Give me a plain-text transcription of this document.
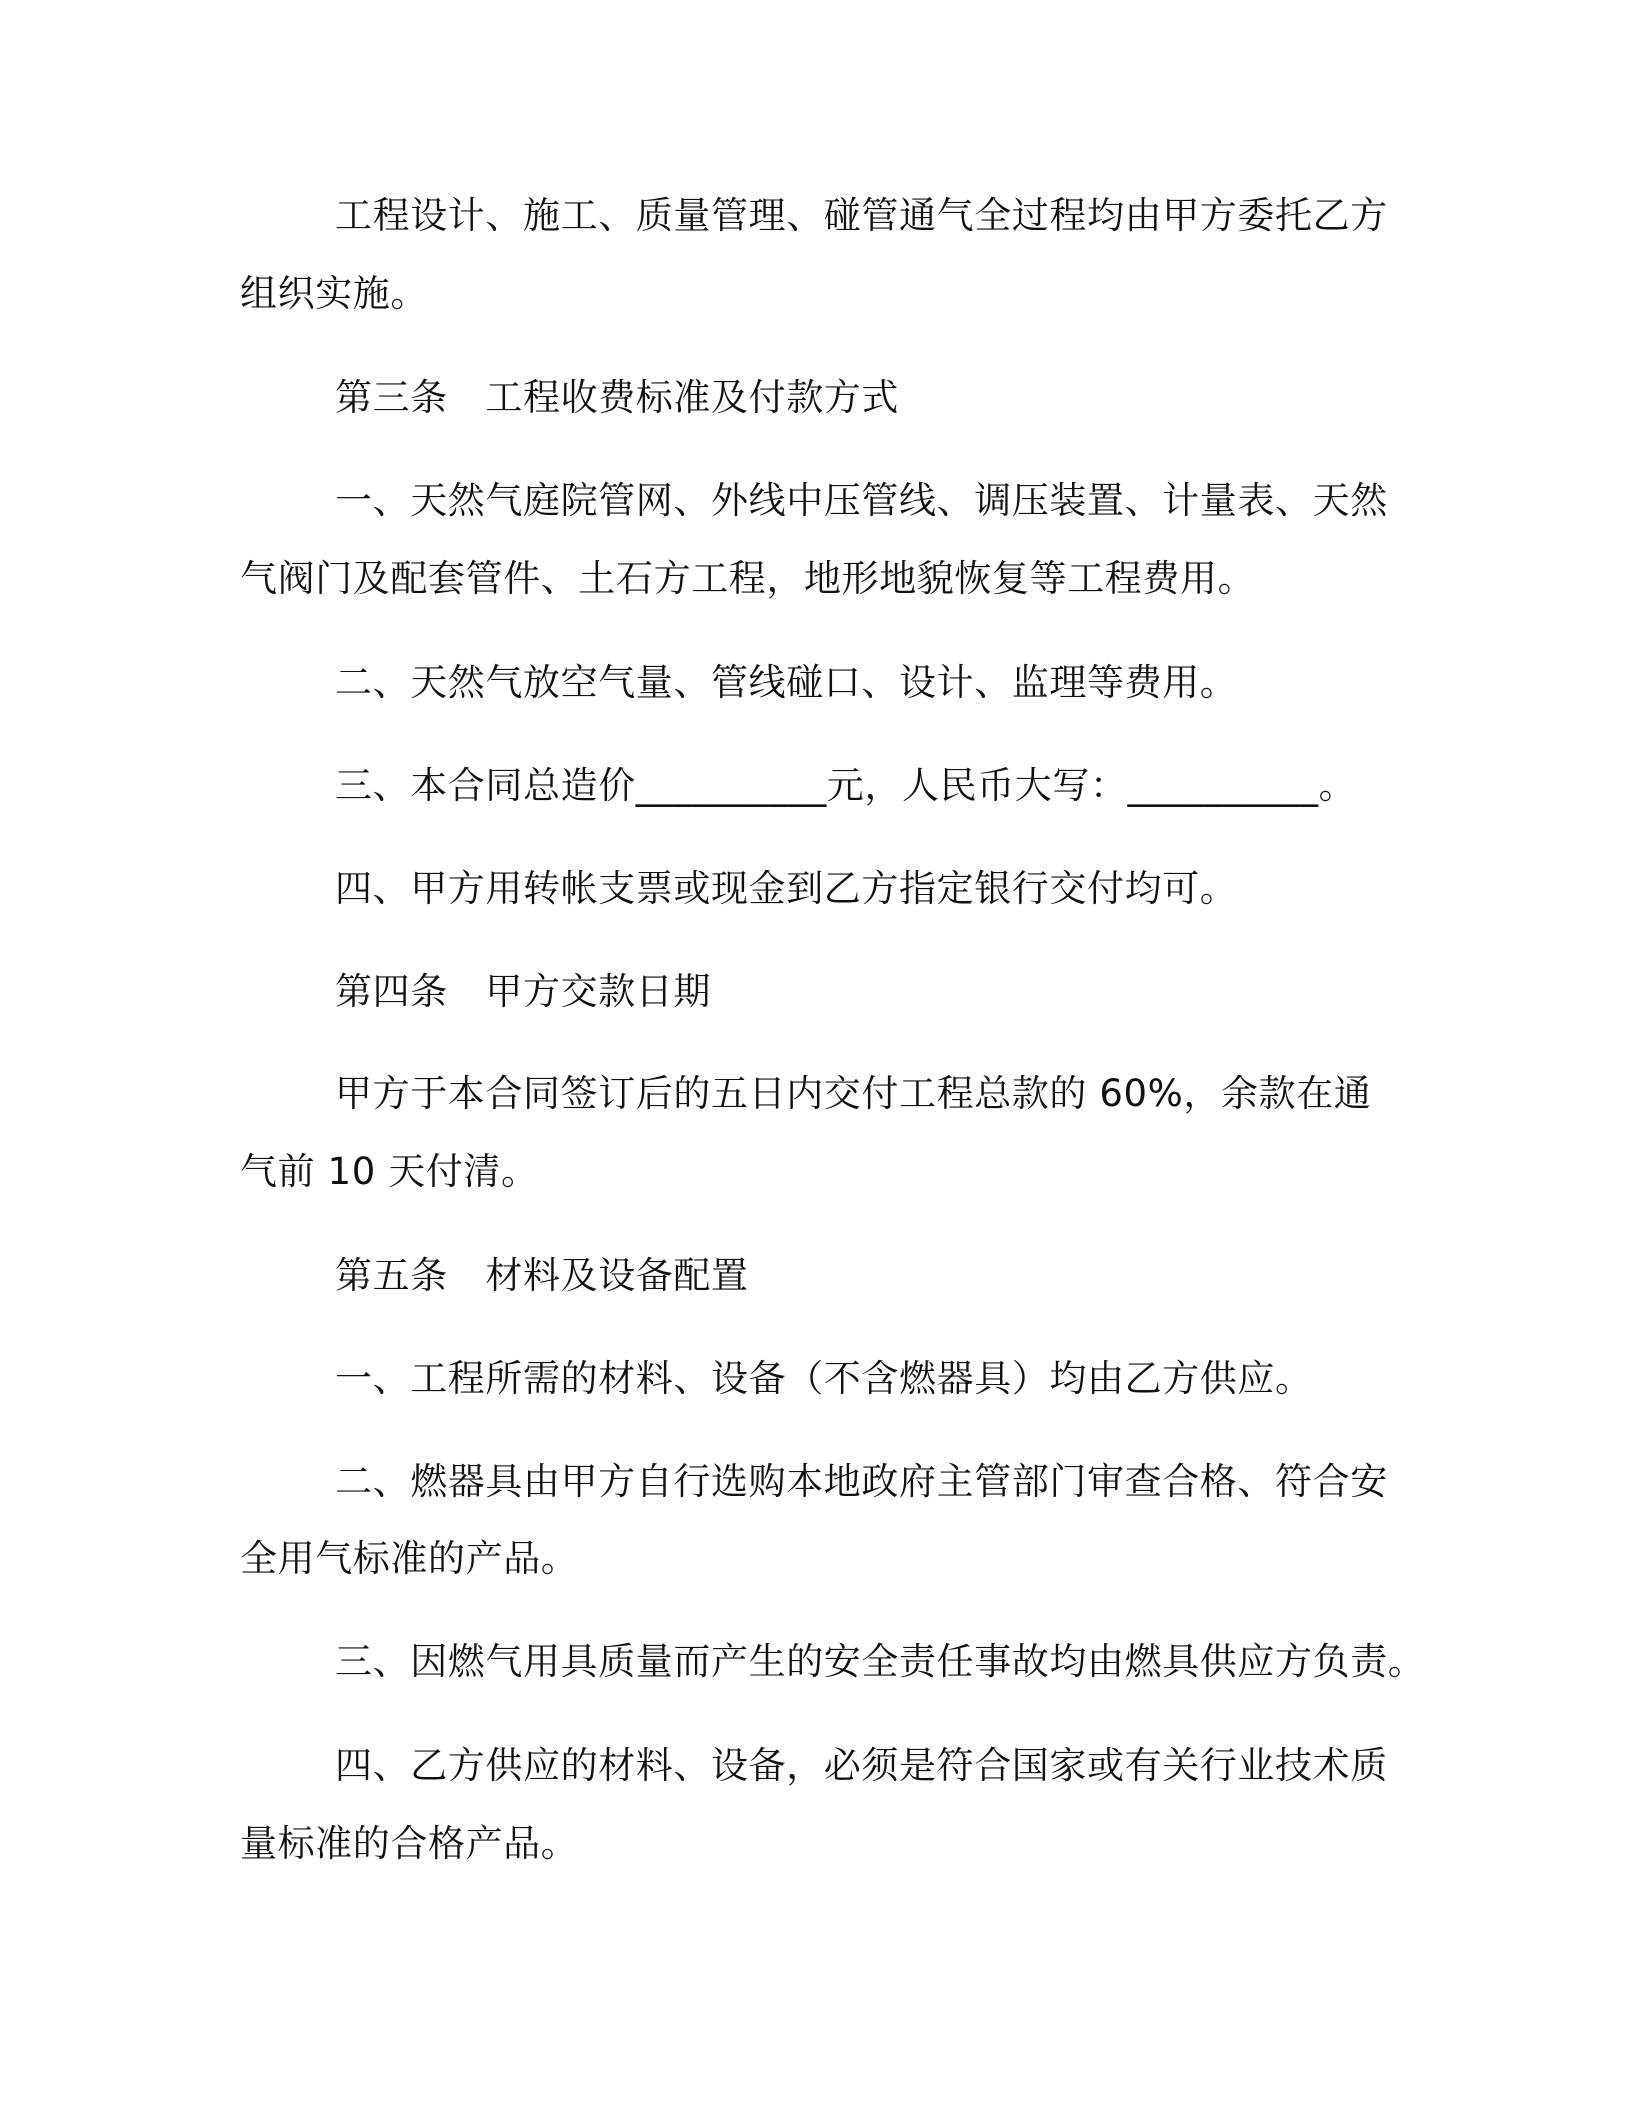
工程设计、施工、质量管理、碰管通气全过程均由甲方委托乙方

组织实施。

第三条　工程收费标准及付款方式

一、天然气庭院管网、外线中压管线、调压装置、计量表、天然

气阀门及配套管件、土石方工程，地形地貌恢复等工程费用。

二、天然气放空气量、管线碰口、设计、监理等费用。

三、本合同总造价__________元，人民币大写：__________。

四、甲方用转帐支票或现金到乙方指定银行交付均可。

第四条　甲方交款日期

甲方于本合同签订后的五日内交付工程总款的 60%，余款在通

气前 10 天付清。

第五条　材料及设备配置

一、工程所需的材料、设备（不含燃器具）均由乙方供应。

二、燃器具由甲方自行选购本地政府主管部门审查合格、符合安

全用气标准的产品。

三、因燃气用具质量而产生的安全责任事故均由燃具供应方负责。

四、乙方供应的材料、设备，必须是符合国家或有关行业技术质

量标准的合格产品。
